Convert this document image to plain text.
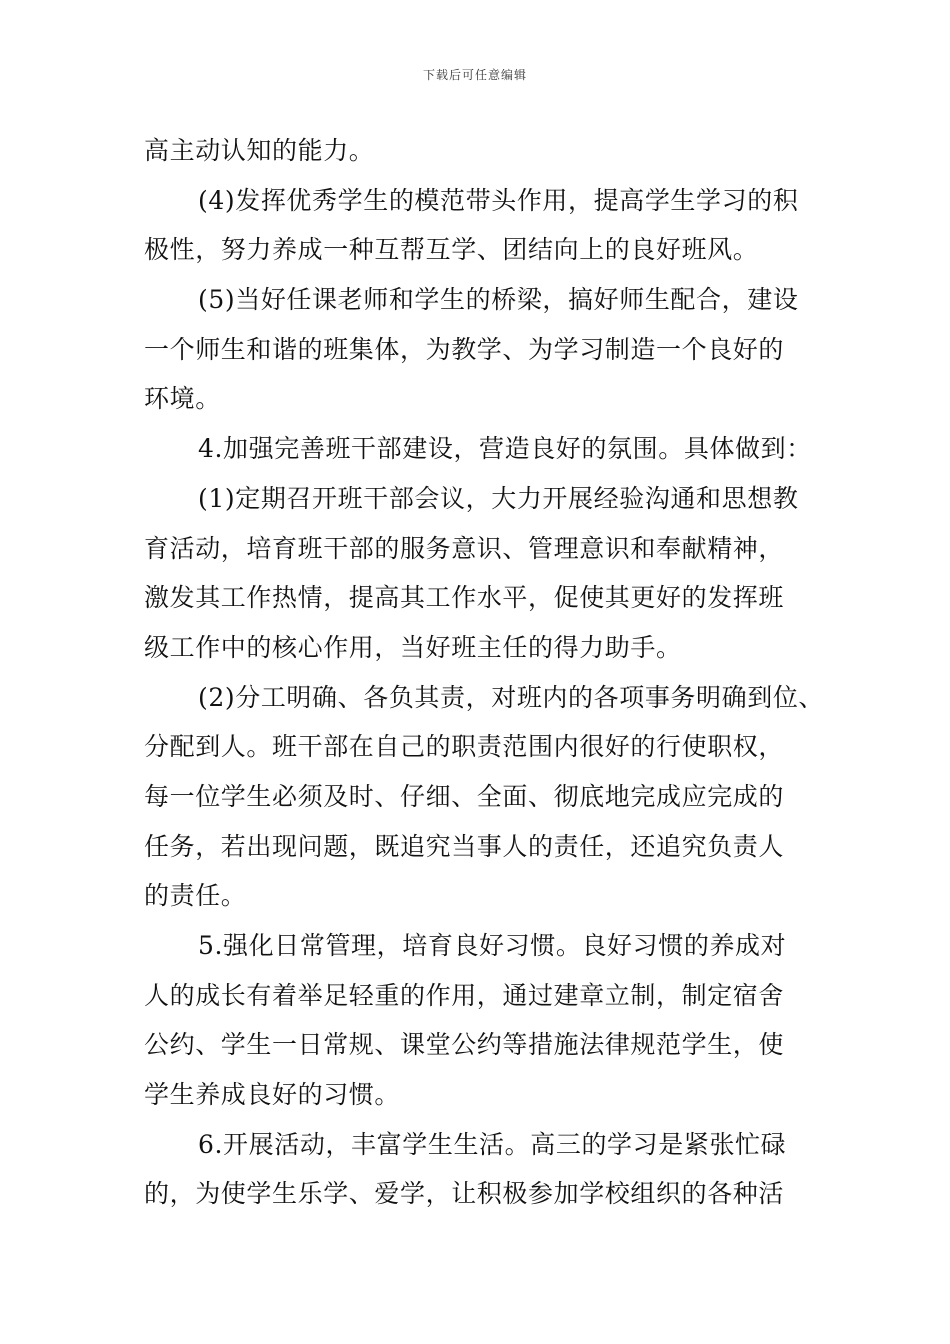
下载后可任意编辑
高主动认知的能力。
(4)发挥优秀学生的模范带头作用，提高学生学习的积
极性，努力养成一种互帮互学、团结向上的良好班风。
(5)当好任课老师和学生的桥梁，搞好师生配合，建设
一个师生和谐的班集体，为教学、为学习制造一个良好的
环境。
4.加强完善班干部建设，营造良好的氛围。具体做到：
(1)定期召开班干部会议，大力开展经验沟通和思想教
育活动，培育班干部的服务意识、管理意识和奉献精神，
激发其工作热情，提高其工作水平，促使其更好的发挥班
级工作中的核心作用，当好班主任的得力助手。
(2)分工明确、各负其责，对班内的各项事务明确到位、
分配到人。班干部在自己的职责范围内很好的行使职权，
每一位学生必须及时、仔细、全面、彻底地完成应完成的
任务，若出现问题，既追究当事人的责任，还追究负责人
的责任。
5.强化日常管理，培育良好习惯。良好习惯的养成对
人的成长有着举足轻重的作用，通过建章立制，制定宿舍
公约、学生一日常规、课堂公约等措施法律规范学生，使
学生养成良好的习惯。
6.开展活动，丰富学生生活。高三的学习是紧张忙碌
的，为使学生乐学、爱学，让积极参加学校组织的各种活
